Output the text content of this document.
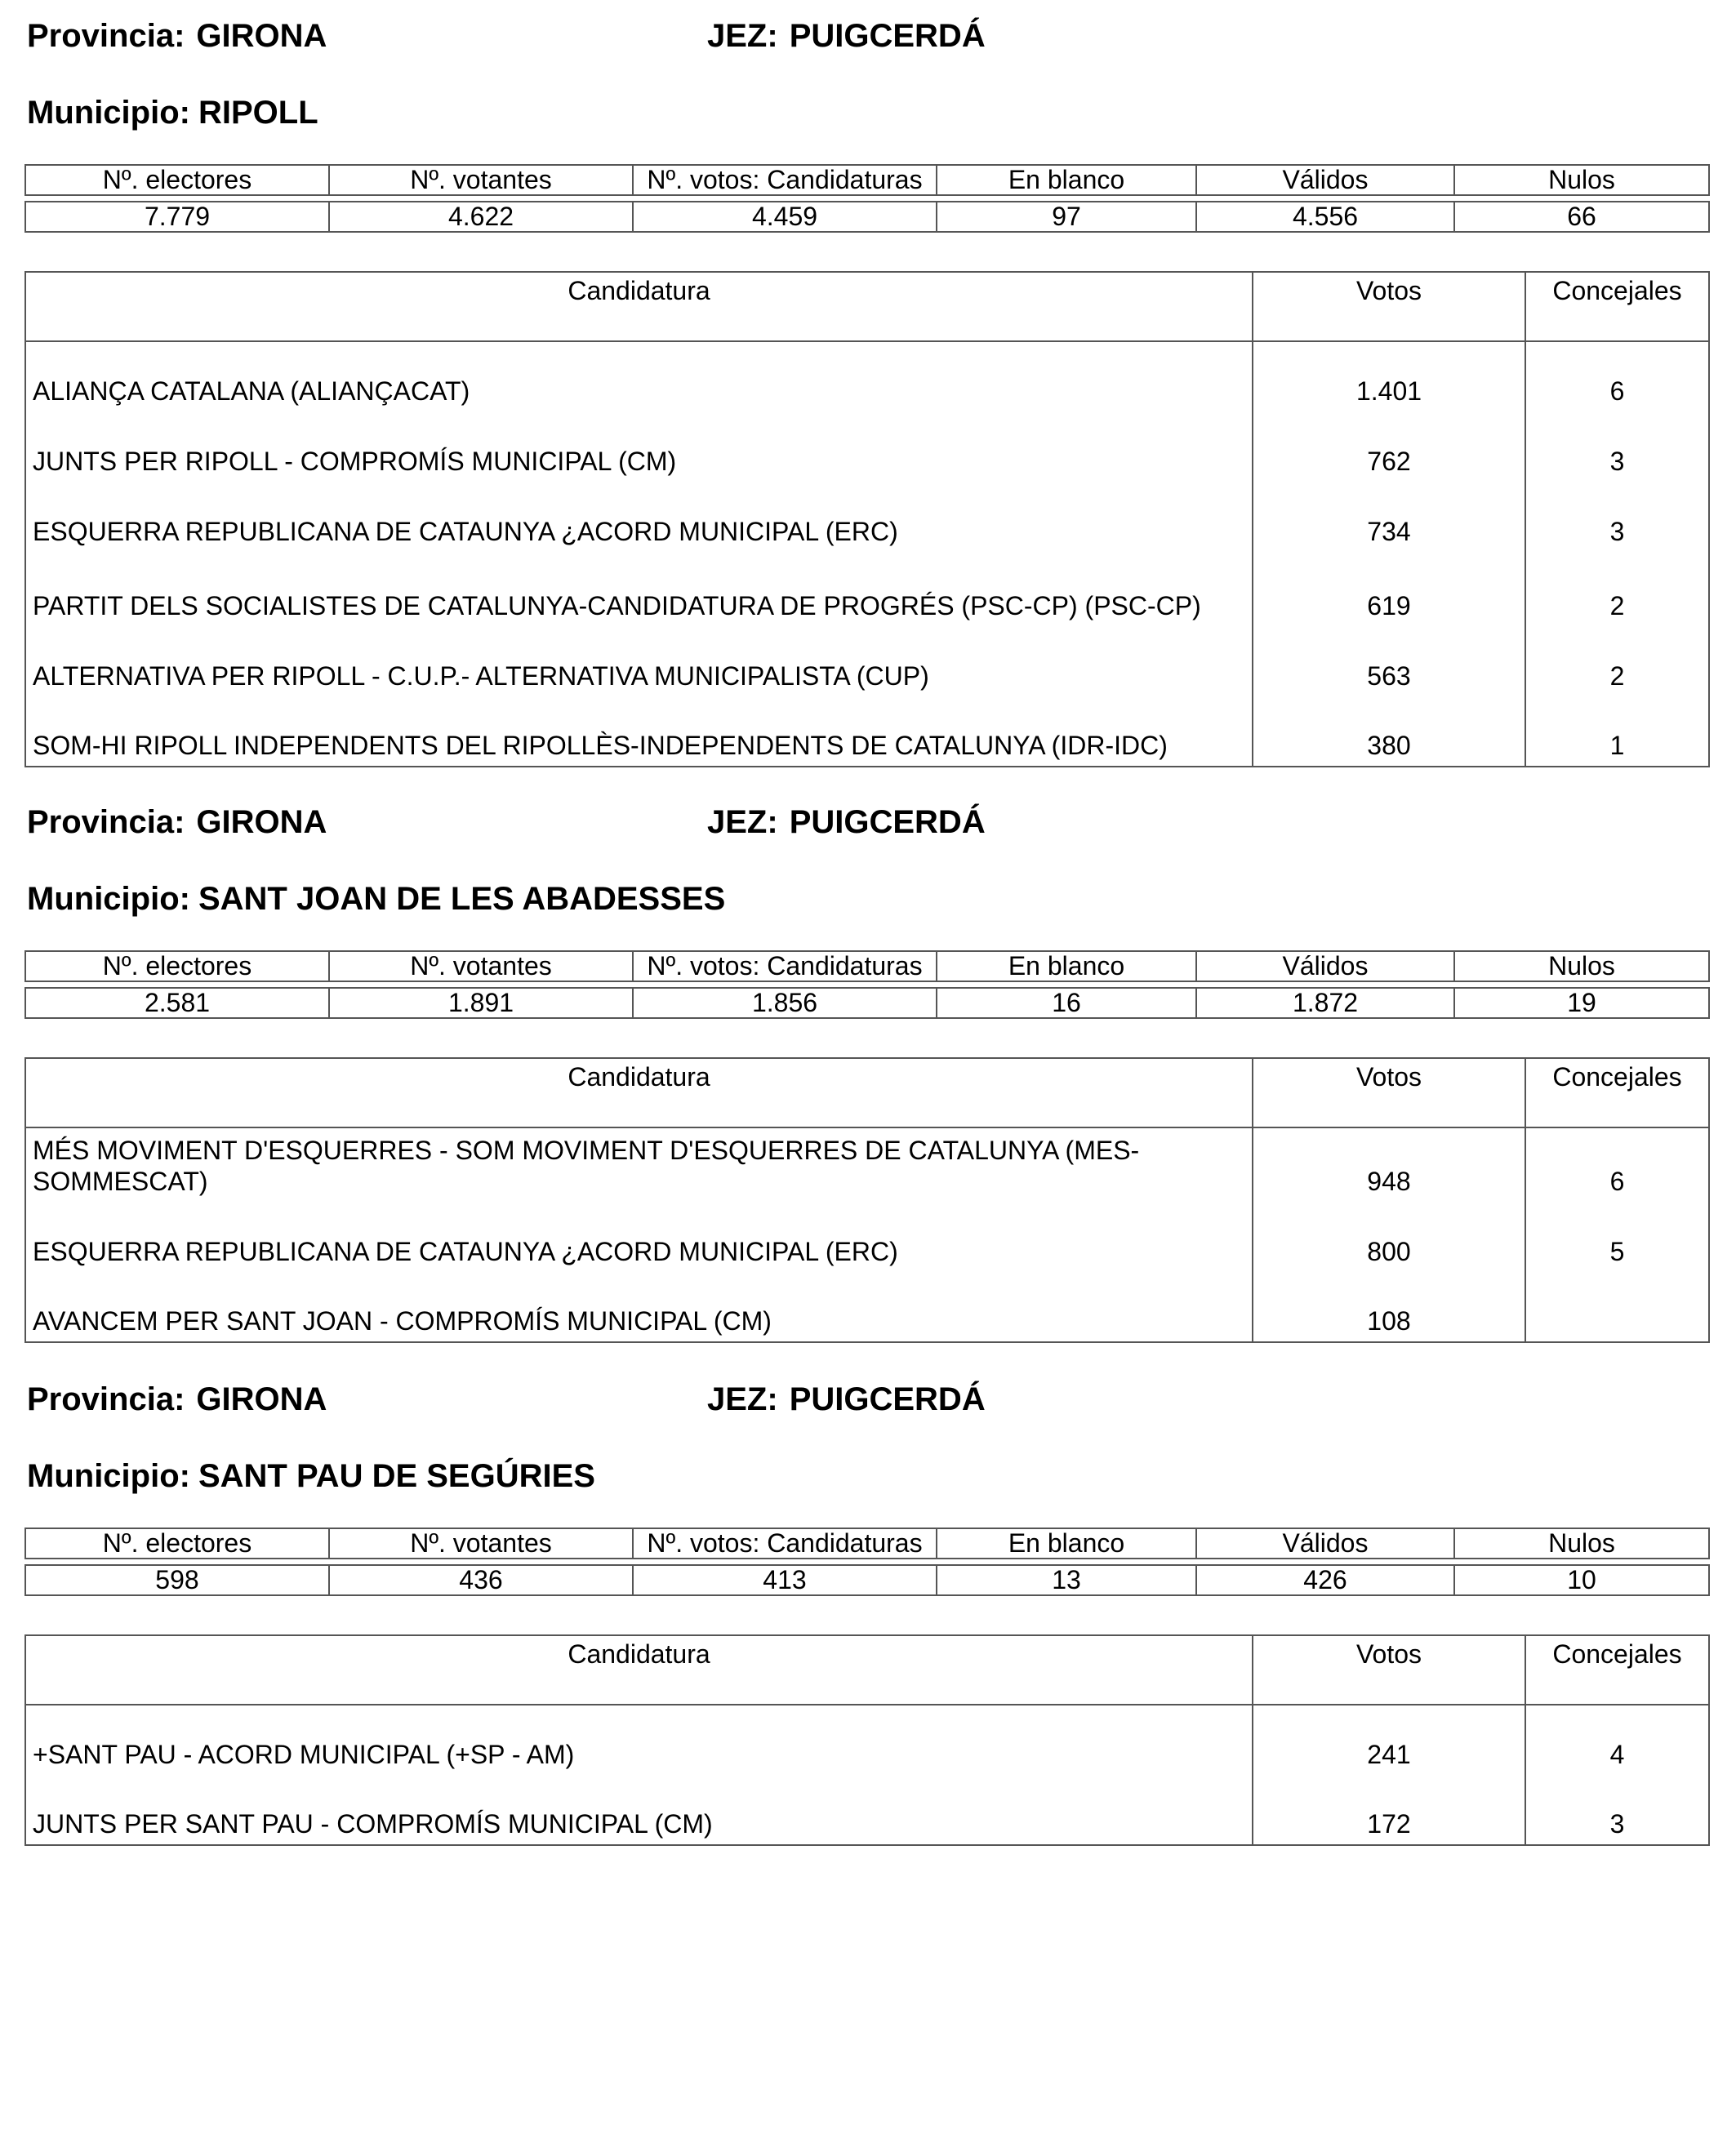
Provincia: GIRONA	JEZ: PUIGCERDÁ
Municipio: RIPOLL
Nº. electores	Nº. votantes	Nº. votos: Candidaturas	En blanco	Válidos	Nulos

7.779	4.622	4.459	97	4.556	66
Candidatura	Votos	Concejales
ALIANÇA CATALANA (ALIANÇACAT)	1.401	6
JUNTS PER RIPOLL - COMPROMÍS MUNICIPAL (CM)	762	3
ESQUERRA REPUBLICANA DE CATAUNYA ¿ACORD MUNICIPAL (ERC)	734	3
PARTIT DELS SOCIALISTES DE CATALUNYA-CANDIDATURA DE PROGRÉS (PSC-CP) (PSC-CP)	619	2
ALTERNATIVA PER RIPOLL - C.U.P.- ALTERNATIVA MUNICIPALISTA (CUP)	563	2
SOM-HI RIPOLL INDEPENDENTS DEL RIPOLLÈS-INDEPENDENTS DE CATALUNYA (IDR-IDC)	380	1
Provincia: GIRONA	JEZ: PUIGCERDÁ
Municipio: SANT JOAN DE LES ABADESSES
Nº. electores	Nº. votantes	Nº. votos: Candidaturas	En blanco	Válidos	Nulos

2.581	1.891	1.856	16	1.872	19
Candidatura	Votos	Concejales
MÉS MOVIMENT D'ESQUERRES - SOM MOVIMENT D'ESQUERRES DE CATALUNYA (MES-SOMMESCAT)	948	6
ESQUERRA REPUBLICANA DE CATAUNYA ¿ACORD MUNICIPAL (ERC)	800	5
AVANCEM PER SANT JOAN - COMPROMÍS MUNICIPAL (CM)	108	
Provincia: GIRONA	JEZ: PUIGCERDÁ
Municipio: SANT PAU DE SEGÚRIES
Nº. electores	Nº. votantes	Nº. votos: Candidaturas	En blanco	Válidos	Nulos

598	436	413	13	426	10
Candidatura	Votos	Concejales
+SANT PAU - ACORD MUNICIPAL (+SP - AM)	241	4
JUNTS PER SANT PAU - COMPROMÍS MUNICIPAL (CM)	172	3
